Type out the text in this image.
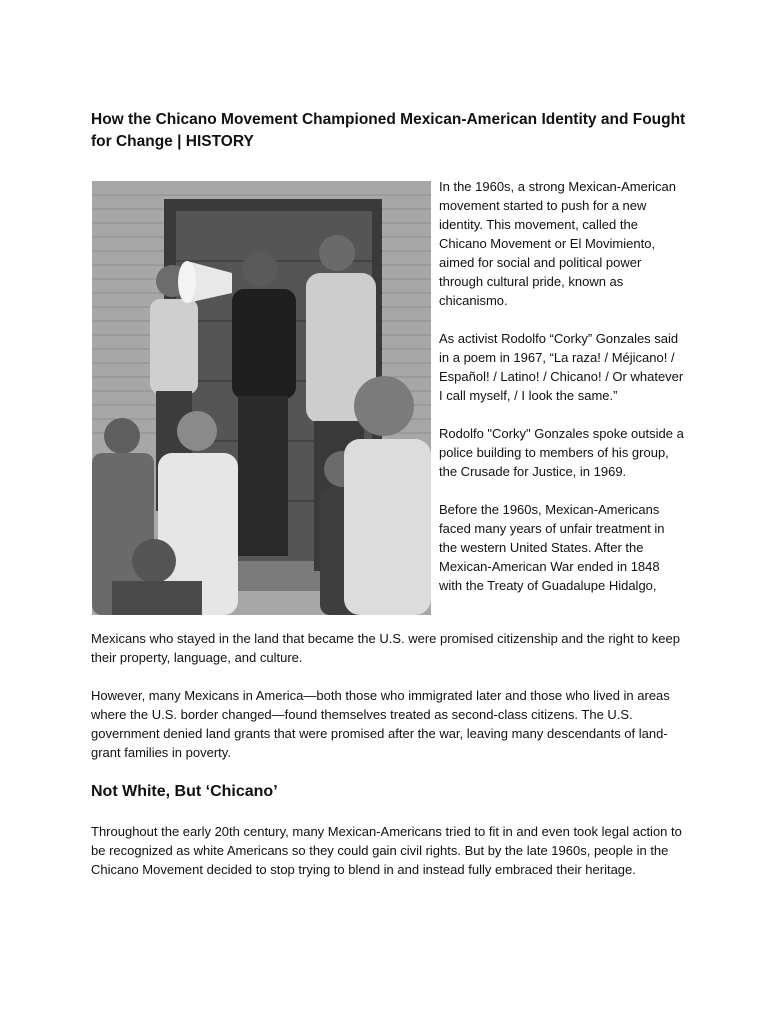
How the Chicano Movement Championed Mexican-American Identity and Fought for Change | HISTORY

In the 1960s, a strong Mexican-American movement started to push for a new identity. This movement, called the Chicano Movement or El Movimiento, aimed for social and political power through cultural pride, known as chicanismo.

As activist Rodolfo “Corky” Gonzales said in a poem in 1967, “La raza! / Méjicano! / Español! / Latino! / Chicano! / Or whatever I call myself, / I look the same.”

Rodolfo "Corky" Gonzales spoke outside a police building to members of his group, the Crusade for Justice, in 1969.

Before the 1960s, Mexican-Americans faced many years of unfair treatment in the western United States. After the Mexican-American War ended in 1848 with the Treaty of Guadalupe Hidalgo,

Mexicans who stayed in the land that became the U.S. were promised citizenship and the right to keep their property, language, and culture.

However, many Mexicans in America—both those who immigrated later and those who lived in areas where the U.S. border changed—found themselves treated as second-class citizens. The U.S. government denied land grants that were promised after the war, leaving many descendants of land-grant families in poverty.

Not White, But ‘Chicano’

Throughout the early 20th century, many Mexican-Americans tried to fit in and even took legal action to be recognized as white Americans so they could gain civil rights. But by the late 1960s, people in the Chicano Movement decided to stop trying to blend in and instead fully embraced their heritage.
